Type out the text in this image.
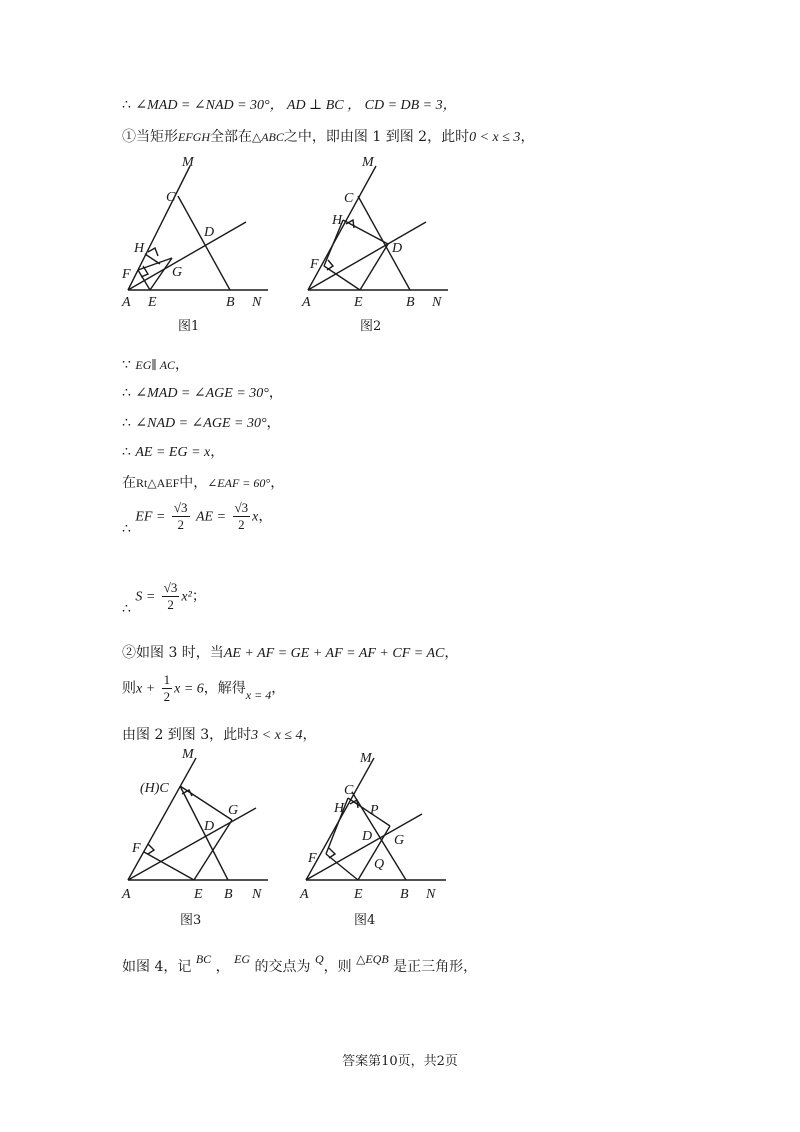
∴ ∠MAD = ∠NAD = 30°， AD ⊥ BC ， CD = DB = 3，
①当矩形EFGH全部在△ABC之中，即由图 1 到图 2，此时0 < x ≤ 3，
M
C
D
H
F	G
A E	B N
图1
M
C
H
D
F
A	E	B N
图2
∵ EG∥ AC，
∴ ∠MAD = ∠AGE = 30°，
∴ ∠NAD = ∠AGE = 30°，
∴ AE = EG = x，
在Rt△AEF中，∠EAF = 60°，
∴ EF = $\frac{√3}{2}$ AE = $\frac{√3}{2}$ x，
∴ $S = \frac{√3}{2} x^2$；
②如图 3 时，当AE + AF = GE + AF = AF + CF = AC，
则$x + \frac{1}{2}$ x = 6，解得x = 4，
由图 2 到图 3，此时3 < x ≤ 4，
M
(H)C
G
D
F
A	E B N
图3
M
C
H P
D G
F	Q
A	E	B N
图4
如图 4，记 BC ， EG 的交点为 Q，则 △EQB 是正三角形，
答案第10页，共2页
